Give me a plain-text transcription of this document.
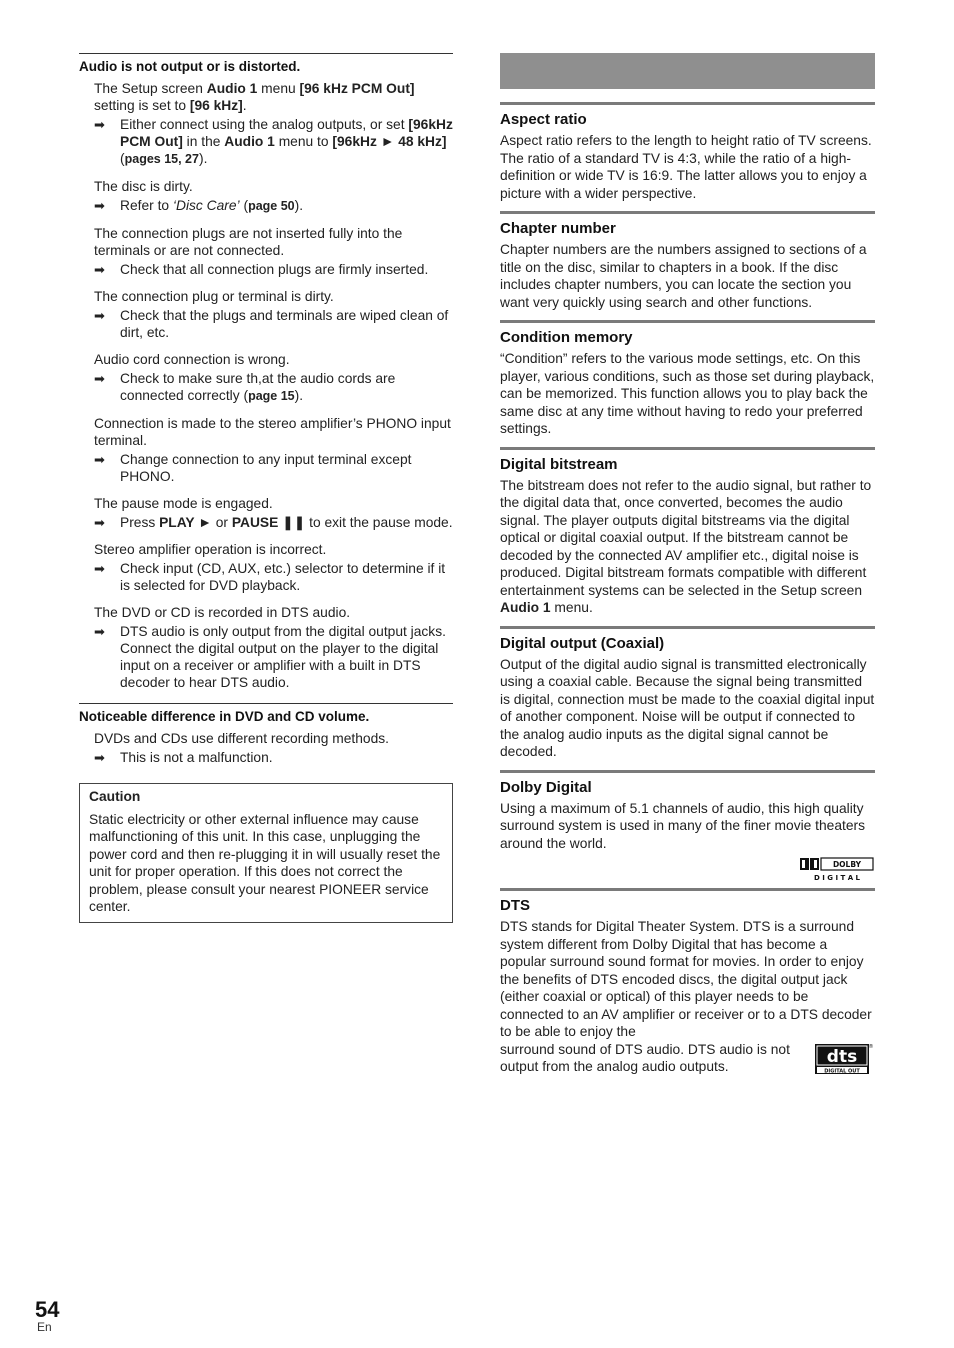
Audio is not output or is distorted.
The Setup screen Audio 1 menu [96 kHz PCM Out] setting is set to [96 kHz].
➡	Either connect using the analog outputs, or set [96kHz PCM Out] in the Audio 1 menu to [96kHz ► 48 kHz] (pages 15, 27).
The disc is dirty.
➡	Refer to ‘Disc Care’ (page 50).
The connection plugs are not inserted fully into the terminals or are not connected.
➡	Check that all connection plugs are firmly inserted.
The connection plug or terminal is dirty.
➡	Check that the plugs and terminals are wiped clean of dirt, etc.
Audio cord connection is wrong.
➡	Check to make sure th,at the audio cords are connected correctly (page 15).
Connection is made to the stereo amplifier’s PHONO input terminal.
➡	Change connection to any input terminal except PHONO.
The pause mode is engaged.
➡	Press PLAY ► or PAUSE ❚❚ to exit the pause mode.
Stereo amplifier operation is incorrect.
➡	Check input (CD, AUX, etc.) selector to determine if it is selected for DVD playback.
The DVD or CD is recorded in DTS audio.
➡	DTS audio is only output from the digital output jacks. Connect the digital output on the player to the digital input on a receiver or amplifier with a built in DTS decoder to hear DTS audio.
Noticeable difference in DVD and CD volume.
DVDs and CDs use different recording methods.
➡	This is not a malfunction.
Caution
Static electricity or other external influence may cause malfunctioning of this unit. In this case, unplugging the power cord and then re-plugging it in will usually reset the unit for proper operation. If this does not correct the problem, please consult your nearest PIONEER service center.
Aspect ratio
Aspect ratio refers to the length to height ratio of TV screens. The ratio of a standard TV is 4:3, while the ratio of a high-definition or wide TV is 16:9. The latter allows you to enjoy a picture with a wider perspective.
Chapter number
Chapter numbers are the numbers assigned to sections of a title on the disc, similar to chapters in a book. If the disc includes chapter numbers, you can locate the section you want very quickly using search and other functions.
Condition memory
“Condition” refers to the various mode settings, etc. On this player, various conditions, such as those set during playback, can be memorized. This function allows you to play back the same disc at any time without having to redo your preferred settings.
Digital bitstream
The bitstream does not refer to the audio signal, but rather to the digital data that, once converted, becomes the audio signal. The player outputs digital bitstreams via the digital optical or digital coaxial output. If the bitstream cannot be decoded by the connected AV amplifier etc., digital noise is produced. Digital bitstream formats compatible with different entertainment systems can be selected in the Setup screen Audio 1 menu.
Digital output (Coaxial)
Output of the digital audio signal is transmitted electronically using a coaxial cable. Because the signal being transmitted is digital, connection must be made to the coaxial digital input of another component. Noise will be output if connected to the analog audio inputs as the digital signal cannot be decoded.
Dolby Digital
Using a maximum of 5.1 channels of audio, this high quality surround system is used in many of the finer movie theaters around the world.
DOLBY
D I G I T A L
DTS
DTS stands for Digital Theater System. DTS is a surround system different from Dolby Digital that has become a popular surround sound format for movies. In order to enjoy the benefits of DTS encoded discs, the digital output jack (either coaxial or optical) of this player needs to be connected to an AV amplifier or receiver or to a DTS decoder to be able to enjoy the
surround sound of DTS audio. DTS audio is not output from the analog audio outputs.	dts
DIGITAL OUT
®
54
En
